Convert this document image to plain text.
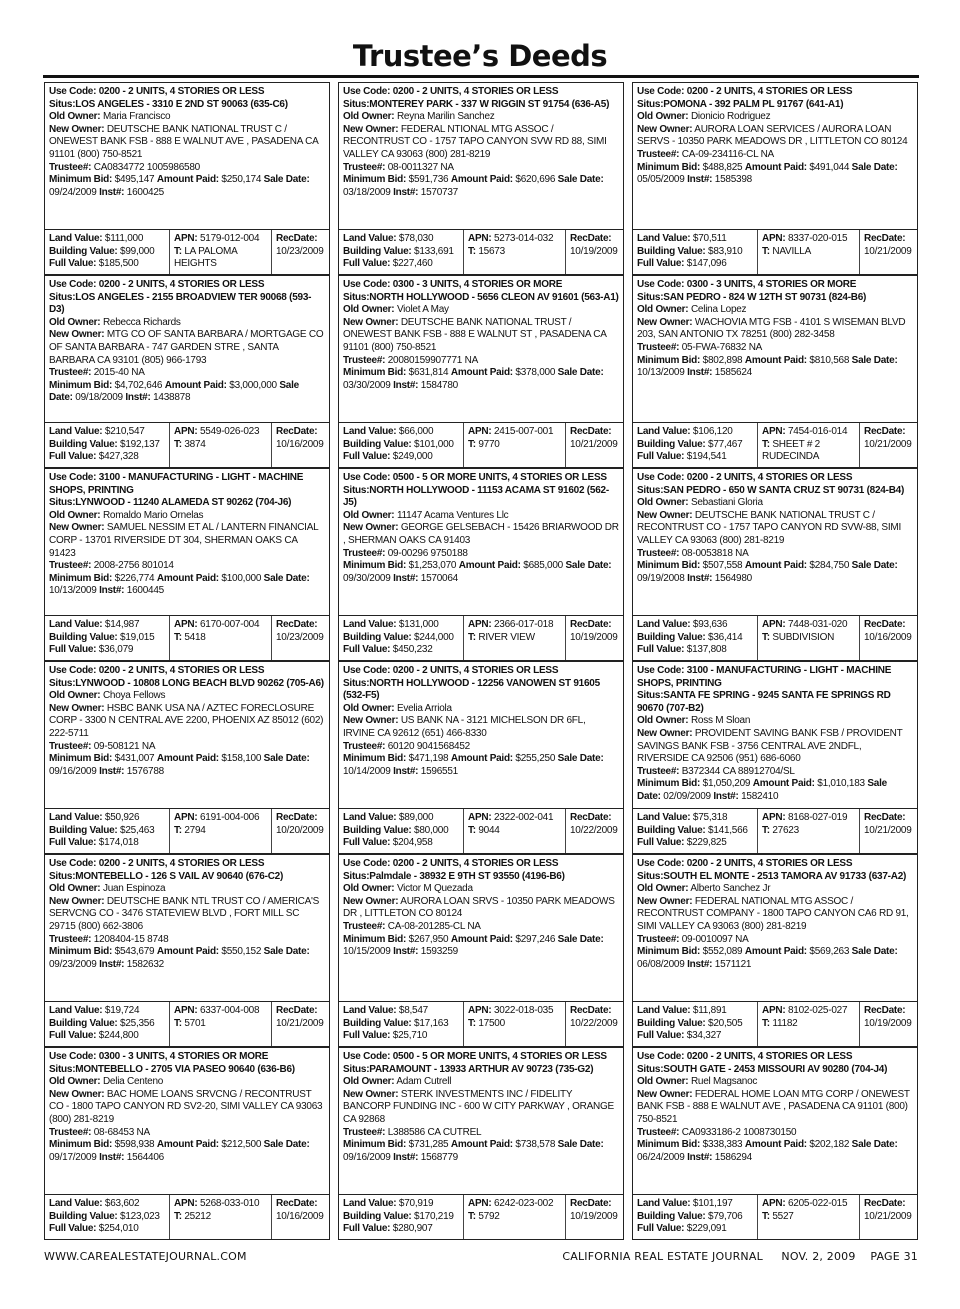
Trustee’s Deeds
Use Code: 0200 - 2 UNITS, 4 STORIES OR LESS
Situs:LOS ANGELES - 3310 E 2ND ST 90063 (635-C6)
Old Owner: Maria Francisco
New Owner: DEUTSCHE BANK NATIONAL TRUST C / ONEWEST BANK FSB - 888 E WALNUT AVE , PASADENA CA 91101 (800) 750-8521
Trustee#: CA0834772 1005986580
Minimum Bid: $495,147 Amount Paid: $250,174 Sale Date: 09/24/2009 Inst#: 1600425
Land Value: $111,000 Building Value: $99,000 Full Value: $185,500
APN: 5179-012-004 T: LA PALOMA HEIGHTS
RecDate: 10/23/2009
Use Code: 0200 - 2 UNITS, 4 STORIES OR LESS
Situs:LOS ANGELES - 2155 BROADVIEW TER 90068 (593-D3)
Old Owner: Rebecca Richards
New Owner: MTG CO OF SANTA BARBARA / MORTGAGE CO OF SANTA BARBARA - 747 GARDEN STRE , SANTA BARBARA CA 93101 (805) 966-1793
Trustee#: 2015-40 NA
Minimum Bid: $4,702,646 Amount Paid: $3,000,000 Sale Date: 09/18/2009 Inst#: 1438878
Land Value: $210,547 Building Value: $192,137 Full Value: $427,328
APN: 5549-026-023 T: 3874
RecDate: 10/16/2009
Use Code: 3100 - MANUFACTURING - LIGHT - MACHINE SHOPS, PRINTING
Situs:LYNWOOD - 11240 ALAMEDA ST 90262 (704-J6)
Old Owner: Romaldo Mario Ornelas
New Owner: SAMUEL NESSIM ET AL / LANTERN FINANCIAL CORP - 13701 RIVERSIDE DT 304, SHERMAN OAKS CA 91423
Trustee#: 2008-2756 801014
Minimum Bid: $226,774 Amount Paid: $100,000 Sale Date: 10/13/2009 Inst#: 1600445
Land Value: $14,987 Building Value: $19,015 Full Value: $36,079
APN: 6170-007-004 T: 5418
RecDate: 10/23/2009
Use Code: 0200 - 2 UNITS, 4 STORIES OR LESS
Situs:LYNWOOD - 10808 LONG BEACH BLVD 90262 (705-A6)
Old Owner: Choya Fellows
New Owner: HSBC BANK USA NA / AZTEC FORECLOSURE CORP - 3300 N CENTRAL AVE 2200, PHOENIX AZ 85012 (602) 222-5711
Trustee#: 09-508121 NA
Minimum Bid: $431,007 Amount Paid: $158,100 Sale Date: 09/16/2009 Inst#: 1576788
Land Value: $50,926 Building Value: $25,463 Full Value: $174,018
APN: 6191-004-006 T: 2794
RecDate: 10/20/2009
Use Code: 0200 - 2 UNITS, 4 STORIES OR LESS
Situs:MONTEBELLO - 126 S VAIL AV 90640 (676-C2)
Old Owner: Juan Espinoza
New Owner: DEUTSCHE BANK NTL TRUST CO / AMERICA'S SERVCNG CO - 3476 STATEVIEW BLVD , FORT MILL SC 29715 (800) 662-3806
Trustee#: 1208404-15 8748
Minimum Bid: $543,679 Amount Paid: $550,152 Sale Date: 09/23/2009 Inst#: 1582632
Land Value: $19,724 Building Value: $25,356 Full Value: $244,800
APN: 6337-004-008 T: 5701
RecDate: 10/21/2009
Use Code: 0300 - 3 UNITS, 4 STORIES OR MORE
Situs:MONTEBELLO - 2705 VIA PASEO 90640 (636-B6)
Old Owner: Delia Centeno
New Owner: BAC HOME LOANS SRVCNG / RECONTRUST CO - 1800 TAPO CANYON RD SV2-20, SIMI VALLEY CA 93063 (800) 281-8219
Trustee#: 08-68453 NA
Minimum Bid: $598,938 Amount Paid: $212,500 Sale Date: 09/17/2009 Inst#: 1564406
Land Value: $63,602 Building Value: $123,023 Full Value: $254,010
APN: 5268-033-010 T: 25212
RecDate: 10/16/2009
Use Code: 0200 - 2 UNITS, 4 STORIES OR LESS
Situs:MONTEREY PARK - 337 W RIGGIN ST 91754 (636-A5)
Old Owner: Reyna Marilin Sanchez
New Owner: FEDERAL NTIONAL MTG ASSOC / RECONTRUST CO - 1757 TAPO CANYON SVW RD 88, SIMI VALLEY CA 93063 (800) 281-8219
Trustee#: 08-0011327 NA
Minimum Bid: $591,736 Amount Paid: $620,696 Sale Date: 03/18/2009 Inst#: 1570737
Land Value: $78,030 Building Value: $133,691 Full Value: $227,460
APN: 5273-014-032 T: 15673
RecDate: 10/19/2009
Use Code: 0300 - 3 UNITS, 4 STORIES OR MORE
Situs:NORTH HOLLYWOOD - 5656 CLEON AV 91601 (563-A1)
Old Owner: Violet A May
New Owner: DEUTSCHE BANK NATIONAL TRUST / ONEWEST BANK FSB - 888 E WALNUT ST , PASADENA CA 91101 (800) 750-8521
Trustee#: 20080159907771 NA
Minimum Bid: $631,814 Amount Paid: $378,000 Sale Date: 03/30/2009 Inst#: 1584780
Land Value: $66,000 Building Value: $101,000 Full Value: $249,000
APN: 2415-007-001 T: 9770
RecDate: 10/21/2009
Use Code: 0500 - 5 OR MORE UNITS, 4 STORIES OR LESS
Situs:NORTH HOLLYWOOD - 11153 ACAMA ST 91602 (562-J5)
Old Owner: 11147 Acama Ventures Llc
New Owner: GEORGE GELSEBACH - 15426 BRIARWOOD DR , SHERMAN OAKS CA 91403
Trustee#: 09-00296 9750188
Minimum Bid: $1,253,070 Amount Paid: $685,000 Sale Date: 09/30/2009 Inst#: 1570064
Land Value: $131,000 Building Value: $244,000 Full Value: $450,232
APN: 2366-017-018 T: RIVER VIEW
RecDate: 10/19/2009
Use Code: 0200 - 2 UNITS, 4 STORIES OR LESS
Situs:NORTH HOLLYWOOD - 12256 VANOWEN ST 91605 (532-F5)
Old Owner: Evelia Arriola
New Owner: US BANK NA - 3121 MICHELSON DR 6FL, IRVINE CA 92612 (651) 466-8330
Trustee#: 60120 9041568452
Minimum Bid: $471,198 Amount Paid: $255,250 Sale Date: 10/14/2009 Inst#: 1596551
Land Value: $89,000 Building Value: $80,000 Full Value: $204,958
APN: 2322-002-041 T: 9044
RecDate: 10/22/2009
Use Code: 0200 - 2 UNITS, 4 STORIES OR LESS
Situs:Palmdale - 38932 E 9TH ST 93550 (4196-B6)
Old Owner: Victor M Quezada
New Owner: AURORA LOAN SRVS - 10350 PARK MEADOWS DR , LITTLETON CO 80124
Trustee#: CA-08-201285-CL NA
Minimum Bid: $267,950 Amount Paid: $297,246 Sale Date: 10/15/2009 Inst#: 1593259
Land Value: $8,547 Building Value: $17,163 Full Value: $25,710
APN: 3022-018-035 T: 17500
RecDate: 10/22/2009
Use Code: 0500 - 5 OR MORE UNITS, 4 STORIES OR LESS
Situs:PARAMOUNT - 13933 ARTHUR AV 90723 (735-G2)
Old Owner: Adam Cutrell
New Owner: STERK INVESTMENTS INC / FIDELITY BANCORP FUNDING INC - 600 W CITY PARKWAY , ORANGE CA 92868
Trustee#: L388586 CA CUTREL
Minimum Bid: $731,285 Amount Paid: $738,578 Sale Date: 09/16/2009 Inst#: 1568779
Land Value: $70,919 Building Value: $170,219 Full Value: $280,907
APN: 6242-023-002 T: 5792
RecDate: 10/19/2009
Use Code: 0200 - 2 UNITS, 4 STORIES OR LESS
Situs:POMONA - 392 PALM PL 91767 (641-A1)
Old Owner: Dionicio Rodriguez
New Owner: AURORA LOAN SERVICES / AURORA LOAN SERVS - 10350 PARK MEADOWS DR , LITTLETON CO 80124
Trustee#: CA-09-234116-CL NA
Minimum Bid: $488,825 Amount Paid: $491,044 Sale Date: 05/05/2009 Inst#: 1585398
Land Value: $70,511 Building Value: $83,910 Full Value: $147,096
APN: 8337-020-015 T: NAVILLA
RecDate: 10/21/2009
Use Code: 0300 - 3 UNITS, 4 STORIES OR MORE
Situs:SAN PEDRO - 824 W 12TH ST 90731 (824-B6)
Old Owner: Celina Lopez
New Owner: WACHOVIA MTG FSB - 4101 S WISEMAN BLVD 203, SAN ANTONIO TX 78251 (800) 282-3458
Trustee#: 05-FWA-76832 NA
Minimum Bid: $802,898 Amount Paid: $810,568 Sale Date: 10/13/2009 Inst#: 1585624
Land Value: $106,120 Building Value: $77,467 Full Value: $194,541
APN: 7454-016-014 T: SHEET # 2 RUDECINDA
RecDate: 10/21/2009
Use Code: 0200 - 2 UNITS, 4 STORIES OR LESS
Situs:SAN PEDRO - 650 W SANTA CRUZ ST 90731 (824-B4)
Old Owner: Sebastiani Gloria
New Owner: DEUTSCHE BANK NATIONAL TRUST C / RECONTRUST CO - 1757 TAPO CANYON RD SVW-88, SIMI VALLEY CA 93063 (800) 281-8219
Trustee#: 08-0053818 NA
Minimum Bid: $507,558 Amount Paid: $284,750 Sale Date: 09/19/2008 Inst#: 1564980
Land Value: $93,636 Building Value: $36,414 Full Value: $137,808
APN: 7448-031-020 T: SUBDIVISION
RecDate: 10/16/2009
Use Code: 3100 - MANUFACTURING - LIGHT - MACHINE SHOPS, PRINTING
Situs:SANTA FE SPRING - 9245 SANTA FE SPRINGS RD 90670 (707-B2)
Old Owner: Ross M Sloan
New Owner: PROVIDENT SAVING BANK FSB / PROVIDENT SAVINGS BANK FSB - 3756 CENTRAL AVE 2NDFL, RIVERSIDE CA 92506 (951) 686-6060
Trustee#: B372344 CA 88912704/SL
Minimum Bid: $1,050,209 Amount Paid: $1,010,183 Sale Date: 02/09/2009 Inst#: 1582410
Land Value: $75,318 Building Value: $141,566 Full Value: $229,825
APN: 8168-027-019 T: 27623
RecDate: 10/21/2009
Use Code: 0200 - 2 UNITS, 4 STORIES OR LESS
Situs:SOUTH EL MONTE - 2513 TAMORA AV 91733 (637-A2)
Old Owner: Alberto Sanchez Jr
New Owner: FEDERAL NATIONAL MTG ASSOC / RECONTRUST COMPANY - 1800 TAPO CANYON CA6 RD 91, SIMI VALLEY CA 93063 (800) 281-8219
Trustee#: 09-0010097 NA
Minimum Bid: $552,089 Amount Paid: $569,263 Sale Date: 06/08/2009 Inst#: 1571121
Land Value: $11,891 Building Value: $20,505 Full Value: $34,327
APN: 8102-025-027 T: 11182
RecDate: 10/19/2009
Use Code: 0200 - 2 UNITS, 4 STORIES OR LESS
Situs:SOUTH GATE - 2453 MISSOURI AV 90280 (704-J4)
Old Owner: Ruel Magsanoc
New Owner: FEDERAL HOME LOAN MTG CORP / ONEWEST BANK FSB - 888 E WALNUT AVE , PASADENA CA 91101 (800) 750-8521
Trustee#: CA0933186-2 1008730150
Minimum Bid: $338,383 Amount Paid: $202,182 Sale Date: 06/24/2009 Inst#: 1586294
Land Value: $101,197 Building Value: $79,706 Full Value: $229,091
APN: 6205-022-015 T: 5527
RecDate: 10/21/2009
WWW.CAREALESTATEJOURNAL.COM	CALIFORNIA REAL ESTATE JOURNAL     NOV. 2, 2009    PAGE 31
